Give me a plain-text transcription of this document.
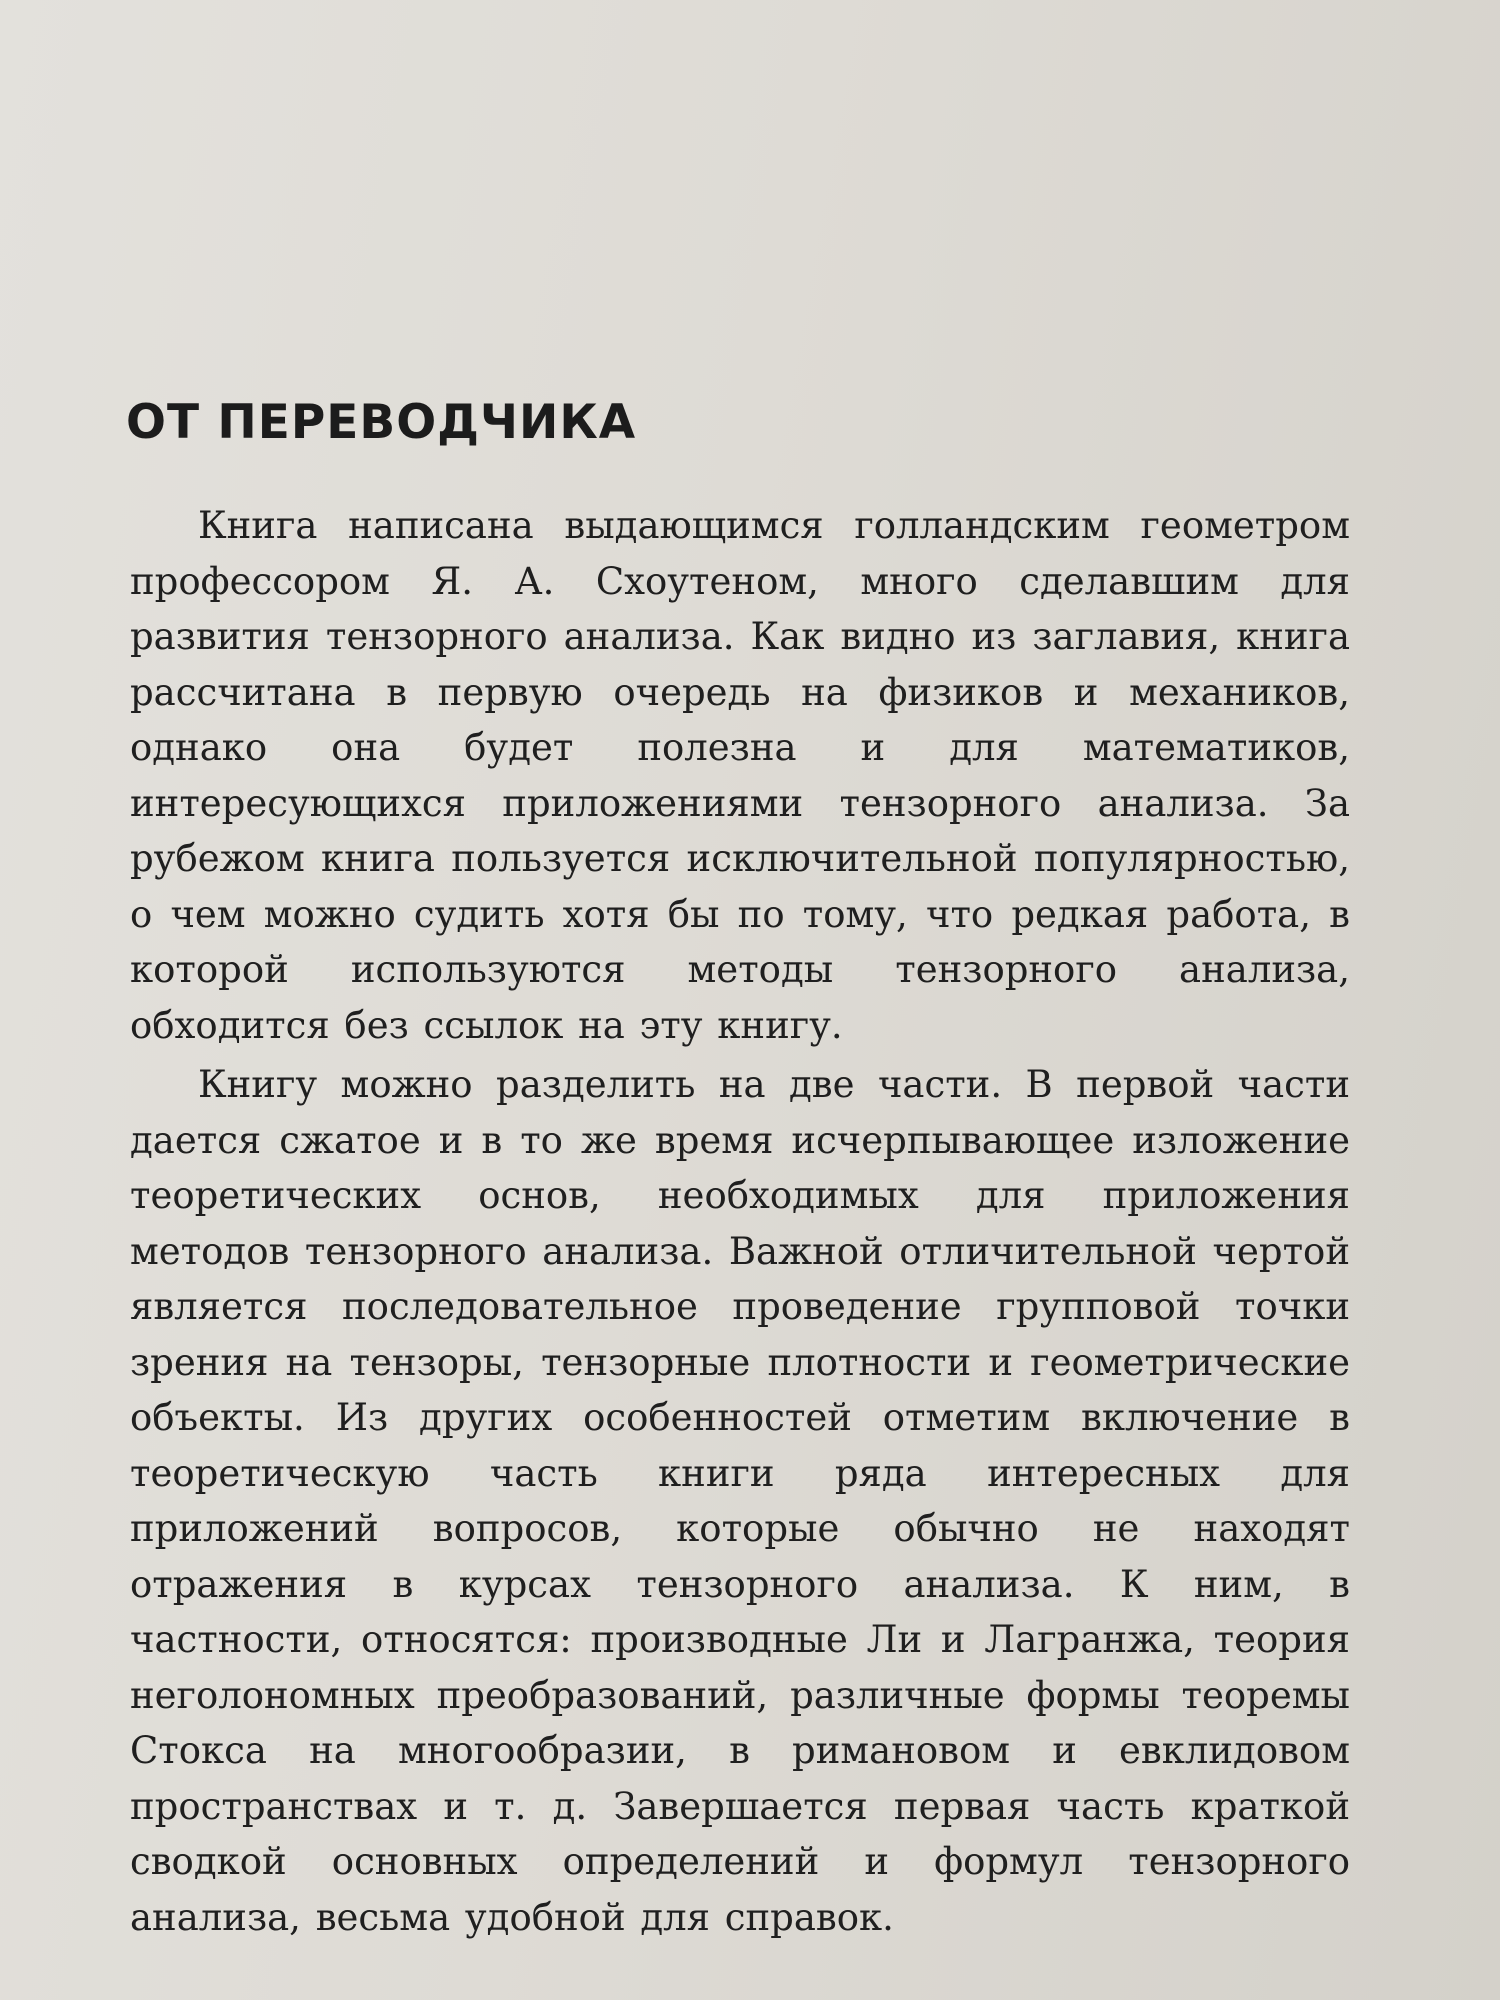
ОТ ПЕРЕВОДЧИКА

Книга написана выдающимся голландским геометром профессором Я. А. Схоутеном, много сделавшим для развития тензорного анализа. Как видно из заглавия, книга рассчитана в первую очередь на физиков и механиков, однако она будет полезна и для математиков, интересующихся приложениями тензорного анализа. За рубежом книга пользуется исключительной популярностью, о чем можно судить хотя бы по тому, что редкая работа, в которой используются методы тензорного анализа, обходится без ссылок на эту книгу.

Книгу можно разделить на две части. В первой части дается сжатое и в то же время исчерпывающее изложение теоретических основ, необходимых для приложения методов тензорного анализа. Важной отличительной чертой является последовательное проведение групповой точки зрения на тензоры, тензорные плотности и геометрические объекты. Из других особенностей отметим включение в теоретическую часть книги ряда интересных для приложений вопросов, которые обычно не находят отражения в курсах тензорного анализа. К ним, в частности, относятся: производные Ли и Лагранжа, теория неголономных преобразований, различные формы теоремы Стокса на многообразии, в римановом и евклидовом пространствах и т. д. Завершается первая часть краткой сводкой основных определений и формул тензорного анализа, весьма удобной для справок.
